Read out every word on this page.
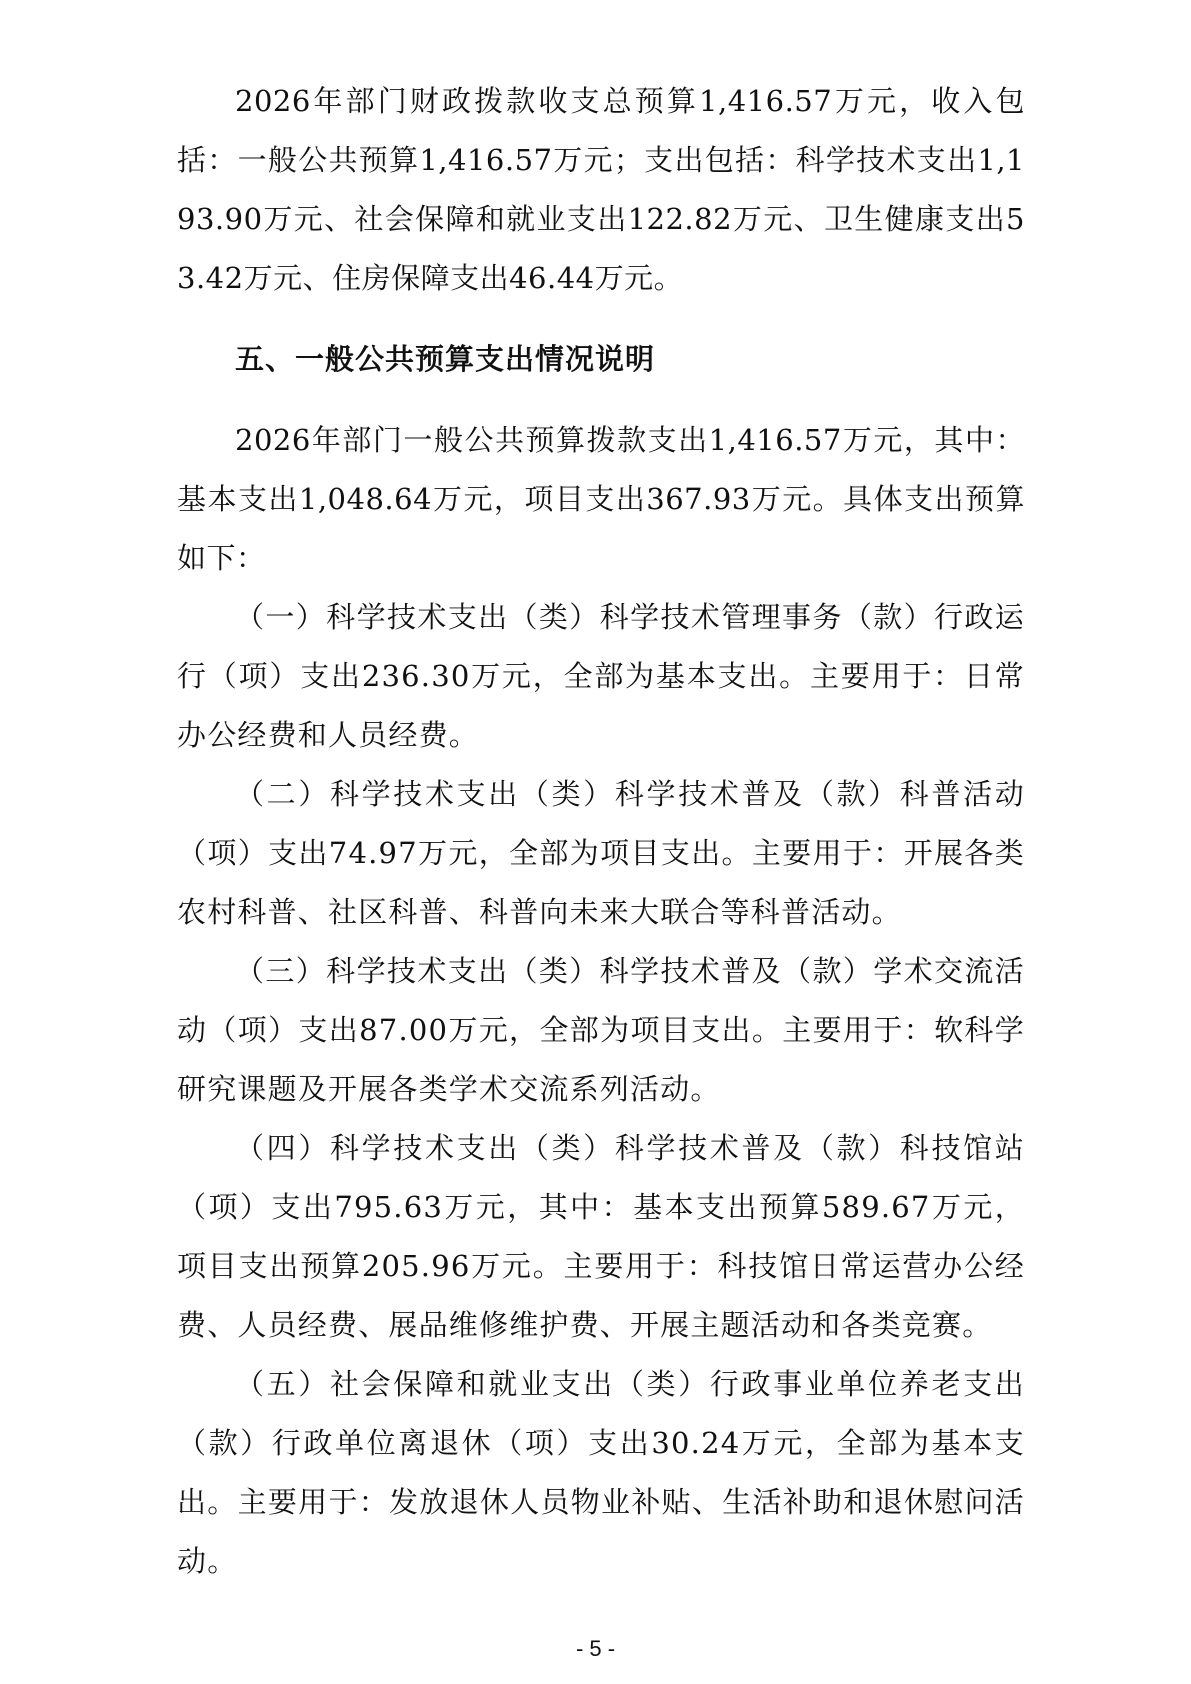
2026年部门财政拨款收支总预算1,416.57万元，收入包括：一般公共预算1,416.57万元；支出包括：科学技术支出1,193.90万元、社会保障和就业支出122.82万元、卫生健康支出53.42万元、住房保障支出46.44万元。

五、一般公共预算支出情况说明

2026年部门一般公共预算拨款支出1,416.57万元，其中：基本支出1,048.64万元，项目支出367.93万元。具体支出预算如下：

（一）科学技术支出（类）科学技术管理事务（款）行政运行（项）支出236.30万元，全部为基本支出。主要用于：日常办公经费和人员经费。

（二）科学技术支出（类）科学技术普及（款）科普活动（项）支出74.97万元，全部为项目支出。主要用于：开展各类农村科普、社区科普、科普向未来大联合等科普活动。

（三）科学技术支出（类）科学技术普及（款）学术交流活动（项）支出87.00万元，全部为项目支出。主要用于：软科学研究课题及开展各类学术交流系列活动。

（四）科学技术支出（类）科学技术普及（款）科技馆站（项）支出795.63万元，其中：基本支出预算589.67万元，项目支出预算205.96万元。主要用于：科技馆日常运营办公经费、人员经费、展品维修维护费、开展主题活动和各类竞赛。

（五）社会保障和就业支出（类）行政事业单位养老支出（款）行政单位离退休（项）支出30.24万元，全部为基本支出。主要用于：发放退休人员物业补贴、生活补助和退休慰问活动。

- 5 -
